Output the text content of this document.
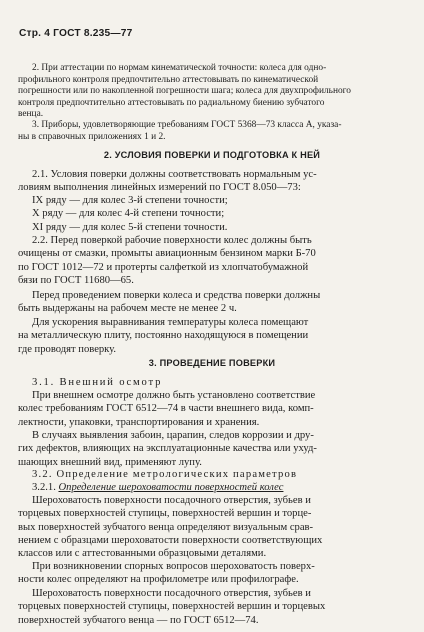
Стр. 4 ГОСТ 8.235—77

2. При аттестации по нормам кинематической точности: колеса для одно-
профильного контроля предпочтительно аттестовывать по кинематической
погрешности или по накопленной погрешности шага; колеса для двухпрофильного
контроля предпочтительно аттестовывать по радиальному биению зубчатого
венца.

3. Приборы, удовлетворяющие требованиям ГОСТ 5368—73 класса А, указа-
ны в справочных приложениях 1 и 2.

2. УСЛОВИЯ ПОВЕРКИ И ПОДГОТОВКА К НЕЙ

2.1. Условия поверки должны соответствовать нормальным ус-
ловиям выполнения линейных измерений по ГОСТ 8.050—73:

IX ряду — для колес 3-й степени точности;
X ряду — для колес 4-й степени точности;
XI ряду — для колес 5-й степени точности.

2.2. Перед поверкой рабочие поверхности колес должны быть
очищены от смазки, промыты авиационным бензином марки Б-70
по ГОСТ 1012—72 и протерты салфеткой из хлопчатобумажной
бязи по ГОСТ 11680—65.

Перед проведением поверки колеса и средства поверки должны
быть выдержаны на рабочем месте не менее 2 ч.

Для ускорения выравнивания температуры колеса помещают
на металлическую плиту, постоянно находящуюся в помещении
где проводят поверку.

3. ПРОВЕДЕНИЕ ПОВЕРКИ

3.1. Внешний осмотр

При внешнем осмотре должно быть установлено соответствие
колес требованиям ГОСТ 6512—74 в части внешнего вида, комп-
лектности, упаковки, транспортирования и хранения.

В случаях выявления забоин, царапин, следов коррозии и дру-
гих дефектов, влияющих на эксплуатационные качества или ухуд-
шающих внешний вид, применяют лупу.

3.2. Определение метрологических параметров

3.2.1. Определение шероховатости поверхностей колес

Шероховатость поверхности посадочного отверстия, зубьев и
торцевых поверхностей ступицы, поверхностей вершин и торце-
вых поверхностей зубчатого венца определяют визуальным срав-
нением с образцами шероховатости поверхности соответствующих
классов или с аттестованными образцовыми деталями.

При возникновении спорных вопросов шероховатость поверх-
ности колес определяют на профилометре или профилографе.

Шероховатость поверхности посадочного отверстия, зубьев и
торцевых поверхностей ступицы, поверхностей вершин и торцевых
поверхностей зубчатого венца — по ГОСТ 6512—74.
